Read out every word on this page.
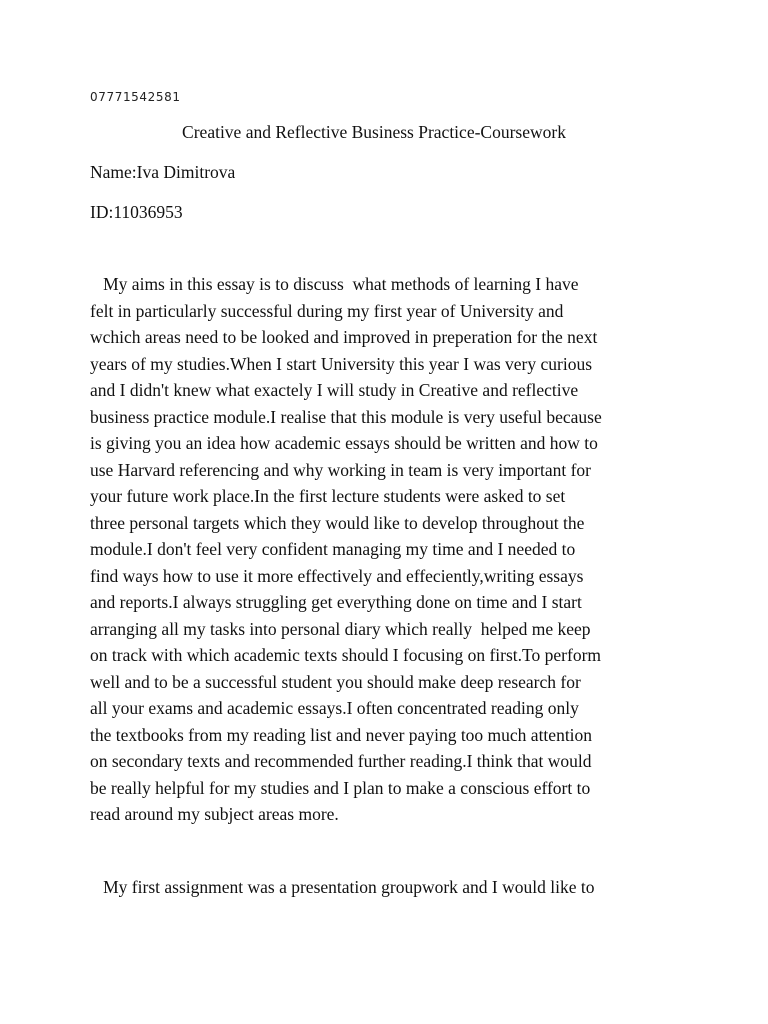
07771542581

Creative and Reflective Business Practice-Coursework

Name:Iva Dimitrova

ID:11036953

My aims in this essay is to discuss  what methods of learning I have
felt in particularly successful during my first year of University and
wchich areas need to be looked and improved in preperation for the next
years of my studies.When I start University this year I was very curious
and I didn't knew what exactely I will study in Creative and reflective
business practice module.I realise that this module is very useful because
is giving you an idea how academic essays should be written and how to
use Harvard referencing and why working in team is very important for
your future work place.In the first lecture students were asked to set
three personal targets which they would like to develop throughout the
module.I don't feel very confident managing my time and I needed to
find ways how to use it more effectively and effeciently,writing essays
and reports.I always struggling get everything done on time and I start
arranging all my tasks into personal diary which really  helped me keep
on track with which academic texts should I focusing on first.To perform
well and to be a successful student you should make deep research for
all your exams and academic essays.I often concentrated reading only
the textbooks from my reading list and never paying too much attention
on secondary texts and recommended further reading.I think that would
be really helpful for my studies and I plan to make a conscious effort to
read around my subject areas more.
My first assignment was a presentation groupwork and I would like to
